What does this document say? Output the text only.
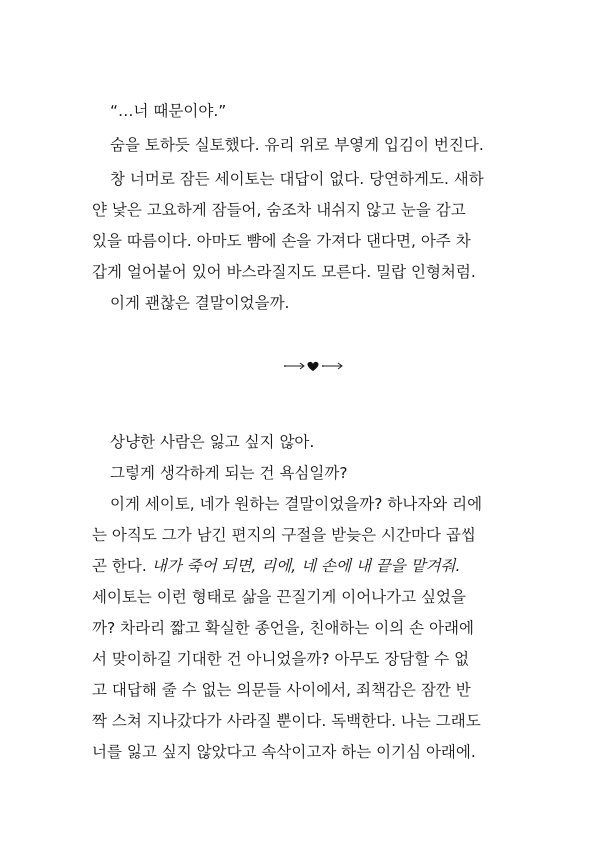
“…너 때문이야.”
숨을 토하듯 실토했다. 유리 위로 부옇게 입김이 번진다.
창 너머로 잠든 세이토는 대답이 없다. 당연하게도. 새하
얀 낯은 고요하게 잠들어, 숨조차 내쉬지 않고 눈을 감고
있을 따름이다. 아마도 뺨에 손을 가져다 댄다면, 아주 차
갑게 얼어붙어 있어 바스라질지도 모른다. 밀랍 인형처럼.
이게 괜찮은 결말이었을까.
상냥한 사람은 잃고 싶지 않아.
그렇게 생각하게 되는 건 욕심일까?
이게 세이토, 네가 원하는 결말이었을까? 하나자와 리에
는 아직도 그가 남긴 편지의 구절을 받늦은 시간마다 곱씹
곤 한다. 내가 죽어 되면, 리에, 네 손에 내 끝을 맡겨줘.
세이토는 이런 형태로 삶을 끈질기게 이어나가고 싶었을
까? 차라리 짧고 확실한 종언을, 친애하는 이의 손 아래에
서 맞이하길 기대한 건 아니었을까? 아무도 장담할 수 없
고 대답해 줄 수 없는 의문들 사이에서, 죄책감은 잠깐 반
짝 스쳐 지나갔다가 사라질 뿐이다. 독백한다. 나는 그래도
너를 잃고 싶지 않았다고 속삭이고자 하는 이기심 아래에.
